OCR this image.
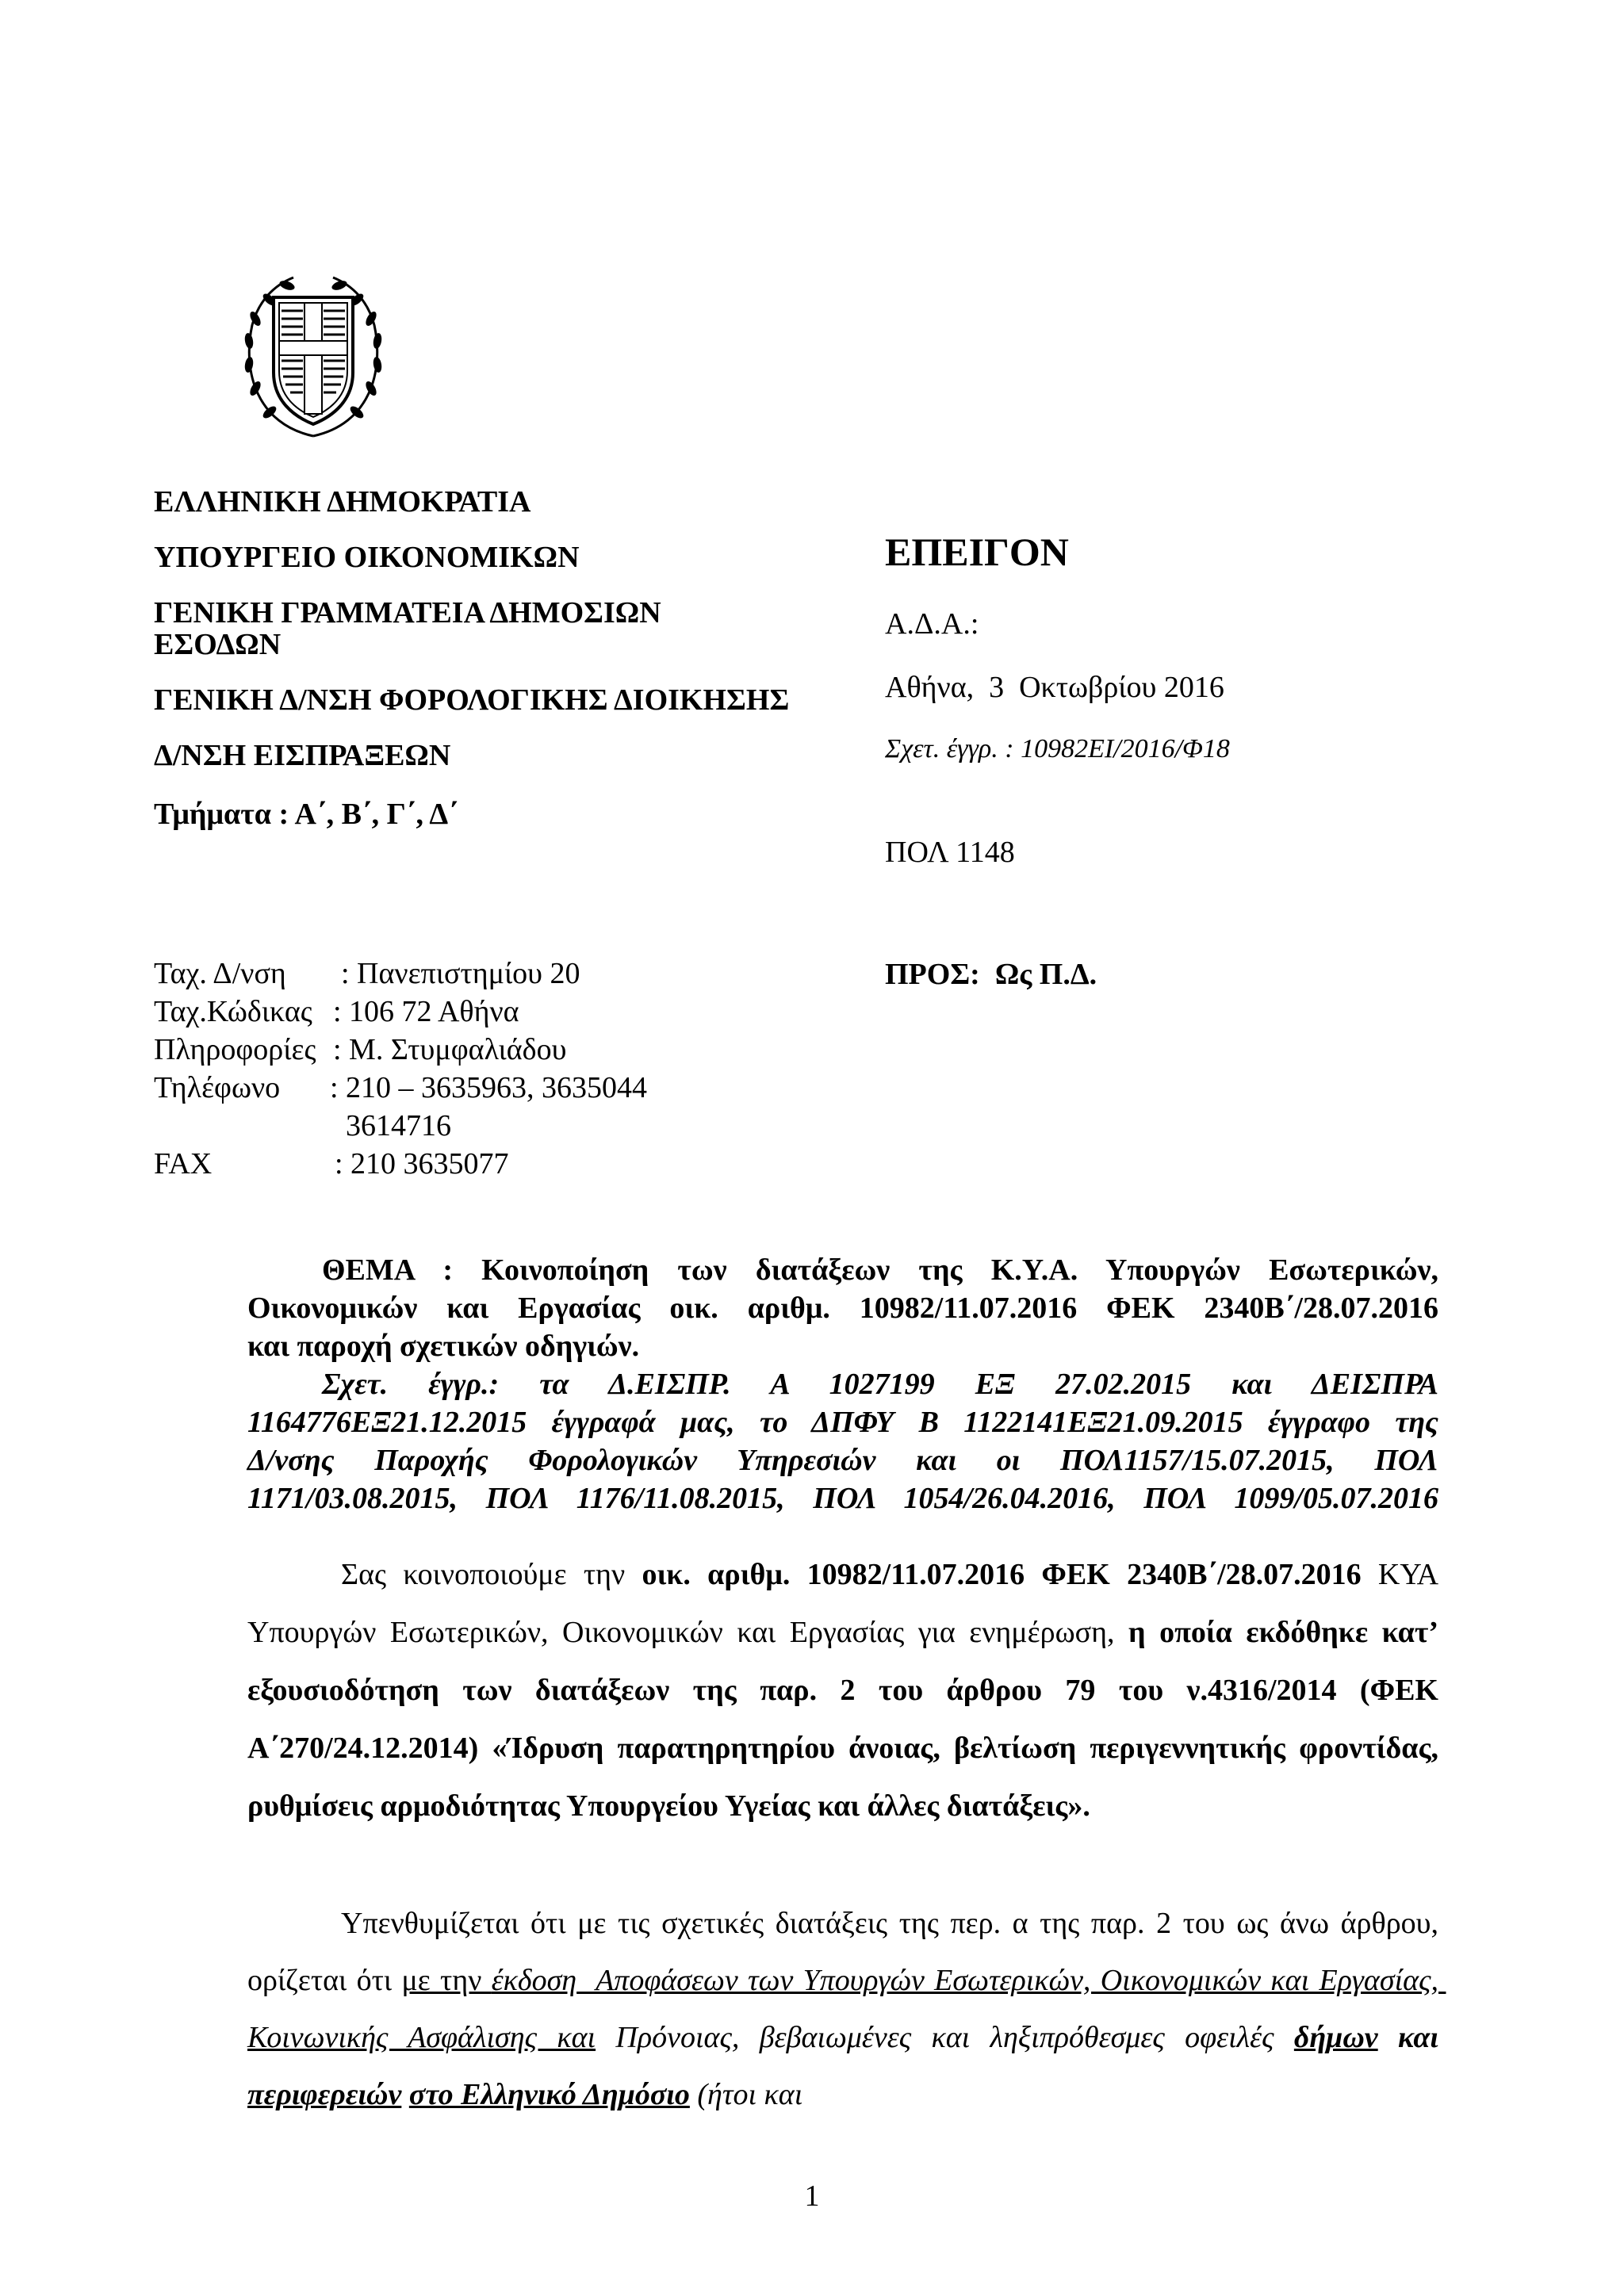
ΕΛΛΗΝΙΚΗ ΔΗΜΟΚΡΑΤΙΑ
ΥΠΟΥΡΓΕΙΟ ΟΙΚΟΝΟΜΙΚΩΝ
ΓΕΝΙΚΗ ΓΡΑΜΜΑΤΕΙΑ ΔΗΜΟΣΙΩΝ
ΕΣΟΔΩΝ
ΓΕΝΙΚΗ Δ/ΝΣΗ ΦΟΡΟΛΟΓΙΚΗΣ ΔΙΟΙΚΗΣΗΣ
Δ/ΝΣΗ ΕΙΣΠΡΑΞΕΩΝ
Τμήματα : Α΄, Β΄, Γ΄, Δ΄
ΕΠΕΙΓΟΝ
Α.Δ.Α.:
Αθήνα,  3  Οκτωβρίου 2016
Σχετ. έγγρ. : 10982ΕΙ/2016/Φ18
ΠΟΛ 1148
ΠΡΟΣ:  Ως Π.Δ.
Ταχ. Δ/νση : Πανεπιστημίου 20
Ταχ.Κώδικας : 106 72 Αθήνα
Πληροφορίες : Μ. Στυμφαλιάδου
Τηλέφωνο : 210 – 3635963, 3635044
3614716
FAX	: 210 3635077
ΘΕΜΑ : Κοινοποίηση των διατάξεων της Κ.Υ.Α. Υπουργών Εσωτερικών,
Οικονομικών και Εργασίας οικ. αριθμ. 10982/11.07.2016 ΦΕΚ 2340Β΄/28.07.2016
και παροχή σχετικών οδηγιών.
Σχετ.  έγγρ.:  τα  Δ.ΕΙΣΠΡ.  Α  1027199  ΕΞ  27.02.2015  και  ΔΕΙΣΠΡΑ
1164776ΕΞ21.12.2015 έγγραφά μας, το ΔΠΦΥ Β 1122141ΕΞ21.09.2015 έγγραφο της
Δ/νσης Παροχής Φορολογικών Υπηρεσιών και οι ΠΟΛ1157/15.07.2015, ΠΟΛ
1171/03.08.2015, ΠΟΛ 1176/11.08.2015, ΠΟΛ 1054/26.04.2016, ΠΟΛ 1099/05.07.2016
Σας κοινοποιούμε την οικ. αριθμ. 10982/11.07.2016 ΦΕΚ 2340Β΄/28.07.2016 ΚΥΑ Υπουργών Εσωτερικών, Οικονομικών και Εργασίας για ενημέρωση, η οποία εκδόθηκε κατ’ εξουσιοδότηση των διατάξεων της παρ. 2 του άρθρου 79 του ν.4316/2014 (ΦΕΚ Α΄270/24.12.2014) «Ίδρυση παρατηρητηρίου άνοιας, βελτίωση περιγεννητικής φροντίδας, ρυθμίσεις αρμοδιότητας Υπουργείου Υγείας και άλλες διατάξεις».
Υπενθυμίζεται ότι με τις σχετικές διατάξεις της περ. α της παρ. 2 του ως άνω άρθρου, ορίζεται ότι με την έκδοση  Αποφάσεων των Υπουργών Εσωτερικών, Οικονομικών και Εργασίας, Κοινωνικής Ασφάλισης και Πρόνοιας, βεβαιωμένες και ληξιπρόθεσμες οφειλές δήμων και περιφερειών στο Ελληνικό Δημόσιο (ήτοι και
1
